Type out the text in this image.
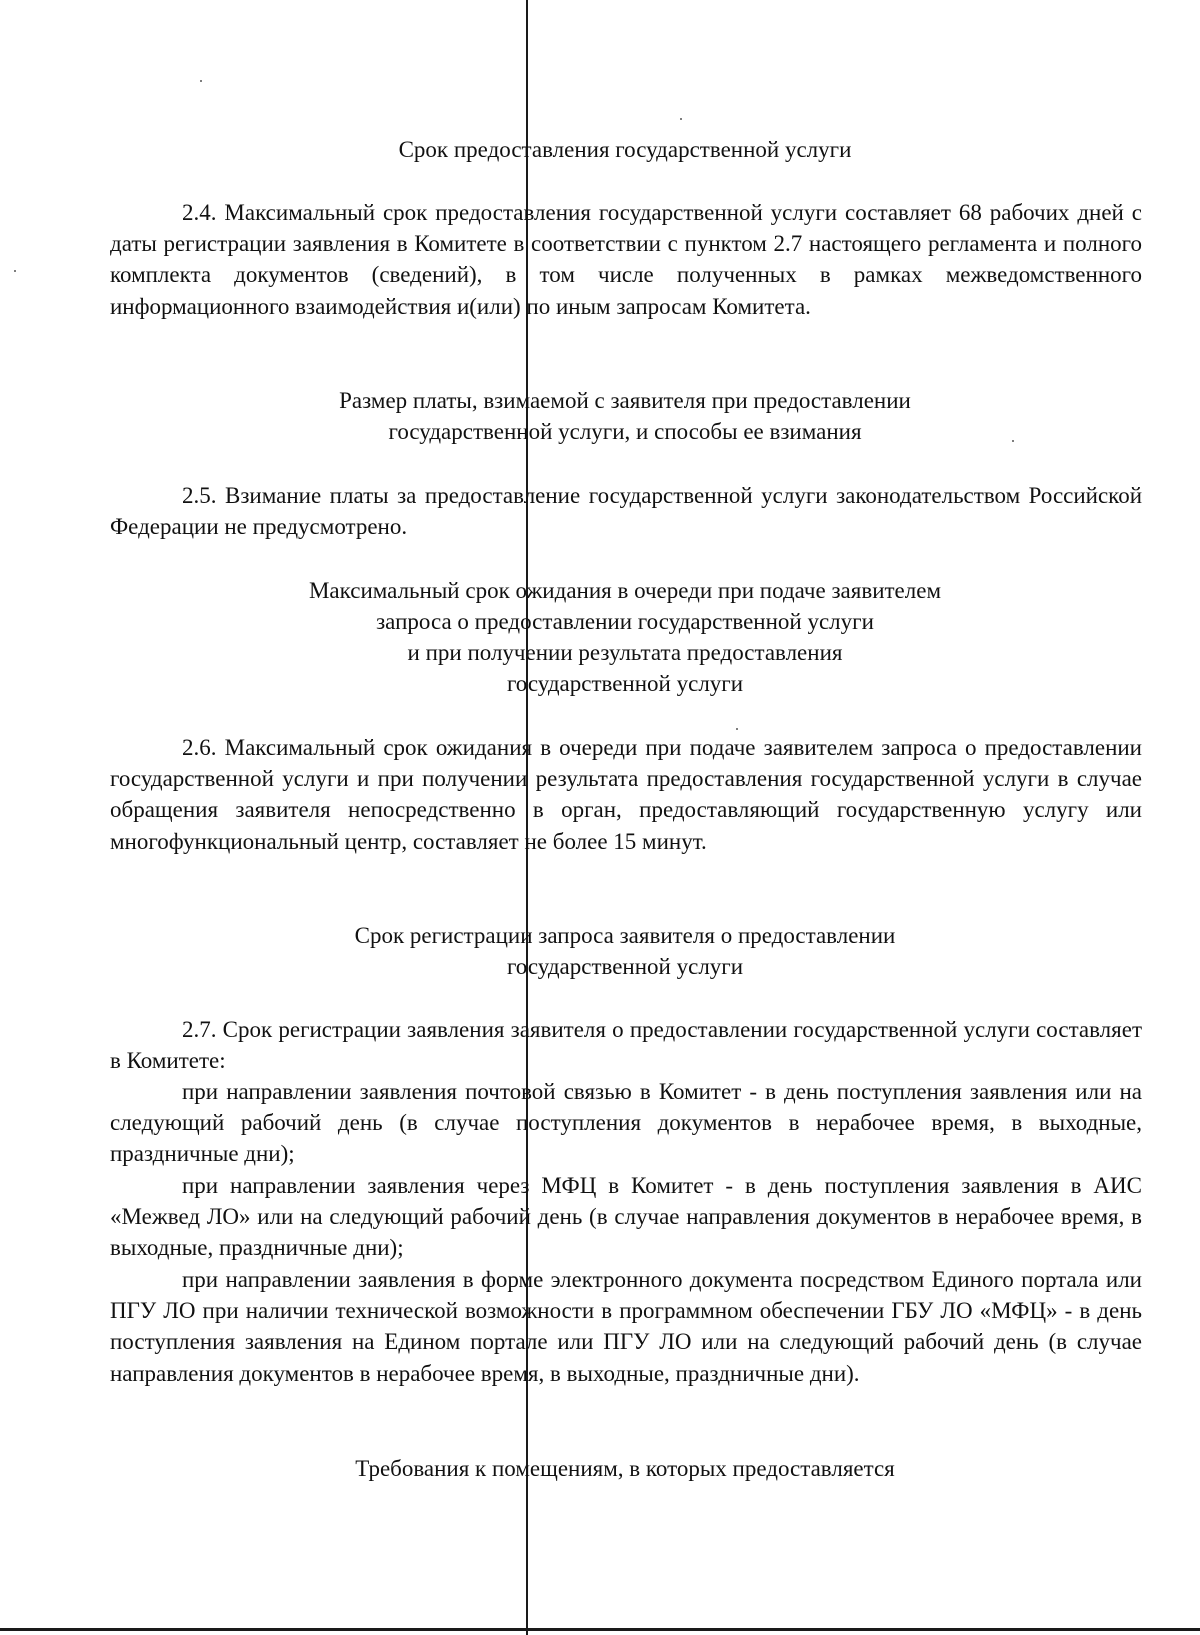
Срок предоставления государственной услуги

2.4. Максимальный срок предоставления государственной услуги составляет 68 рабочих дней с даты регистрации заявления в Комитете в соответствии с пунктом 2.7 настоящего регламента и полного комплекта документов (сведений), в том числе полученных в рамках межведомственного информационного взаимодействия и(или) по иным запросам Комитета.

Размер платы, взимаемой с заявителя при предоставлении
государственной услуги, и способы ее взимания

2.5. Взимание платы за предоставление государственной услуги законодательством Российской Федерации не предусмотрено.

Максимальный срок ожидания в очереди при подаче заявителем
запроса о предоставлении государственной услуги
и при получении результата предоставления
государственной услуги

2.6. Максимальный срок ожидания в очереди при подаче заявителем запроса о предоставлении государственной услуги и при получении результата предоставления государственной услуги в случае обращения заявителя непосредственно в орган, предоставляющий государственную услугу или многофункциональный центр, составляет не более 15 минут.

Срок регистрации запроса заявителя о предоставлении
государственной услуги

2.7. Срок регистрации заявления заявителя о предоставлении государственной услуги составляет в Комитете:

при направлении заявления почтовой связью в Комитет - в день поступления заявления или на следующий рабочий день (в случае поступления документов в нерабочее время, в выходные, праздничные дни);

при направлении заявления через МФЦ в Комитет - в день поступления заявления в АИС «Межвед ЛО» или на следующий рабочий день (в случае направления документов в нерабочее время, в выходные, праздничные дни);

при направлении заявления в форме электронного документа посредством Единого портала или ПГУ ЛО при наличии технической возможности в программном обеспечении ГБУ ЛО «МФЦ» - в день поступления заявления на Едином портале или ПГУ ЛО или на следующий рабочий день (в случае направления документов в нерабочее время, в выходные, праздничные дни).

Требования к помещениям, в которых предоставляется
